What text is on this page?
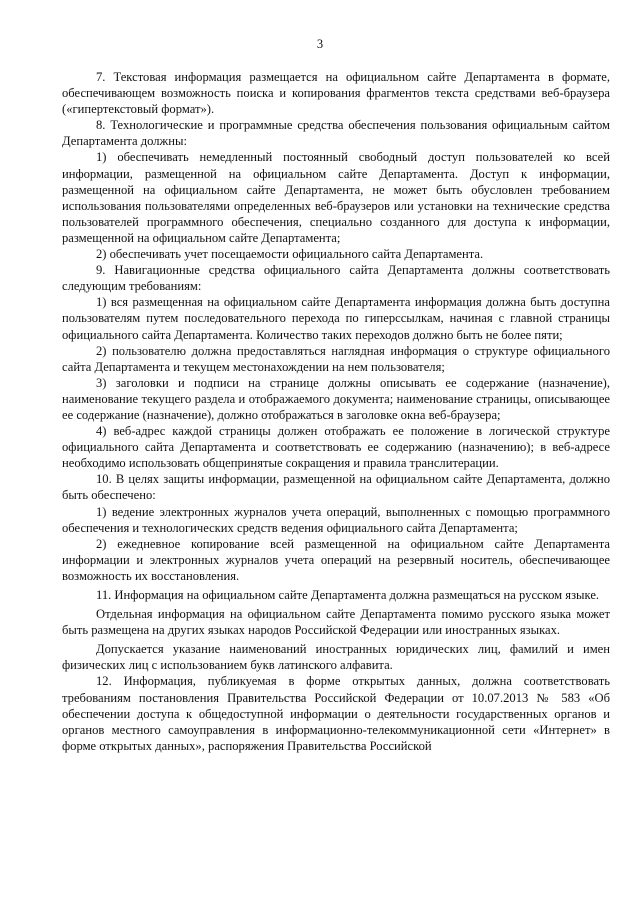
3

7. Текстовая информация размещается на официальном сайте Департамента в формате, обеспечивающем возможность поиска и копирования фрагментов текста средствами веб-браузера («гипертекстовый формат»).

8. Технологические и программные средства обеспечения пользования официальным сайтом Департамента должны:

1) обеспечивать немедленный постоянный свободный доступ пользователей ко всей информации, размещенной на официальном сайте Департамента. Доступ к информации, размещенной на официальном сайте Департамента, не может быть обусловлен требованием использования пользователями определенных веб-браузеров или установки на технические средства пользователей программного обеспечения, специально созданного для доступа к информации, размещенной на официальном сайте Департамента;

2) обеспечивать учет посещаемости официального сайта Департамента.

9. Навигационные средства официального сайта Департамента должны соответствовать следующим требованиям:

1) вся размещенная на официальном сайте Департамента информация должна быть доступна пользователям путем последовательного перехода по гиперссылкам, начиная с главной страницы официального сайта Департамента. Количество таких переходов должно быть не более пяти;

2) пользователю должна предоставляться наглядная информация о структуре официального сайта Департамента и текущем местонахождении на нем пользователя;

3) заголовки и подписи на странице должны описывать ее содержание (назначение), наименование текущего раздела и отображаемого документа; наименование страницы, описывающее ее содержание (назначение), должно отображаться в заголовке окна веб-браузера;

4) веб-адрес каждой страницы должен отображать ее положение в логической структуре официального сайта Департамента и соответствовать ее содержанию (назначению); в веб-адресе необходимо использовать общепринятые сокращения и правила транслитерации.

10. В целях защиты информации, размещенной на официальном сайте Департамента, должно быть обеспечено:

1) ведение электронных журналов учета операций, выполненных с помощью программного обеспечения и технологических средств ведения официального сайта Департамента;

2) ежедневное копирование всей размещенной на официальном сайте Департамента информации и электронных журналов учета операций на резервный носитель, обеспечивающее возможность их восстановления.

11. Информация на официальном сайте Департамента должна размещаться на русском языке.

Отдельная информация на официальном сайте Департамента помимо русского языка может быть размещена на других языках народов Российской Федерации или иностранных языках.

Допускается указание наименований иностранных юридических лиц, фамилий и имен физических лиц с использованием букв латинского алфавита.

12. Информация, публикуемая в форме открытых данных, должна соответствовать требованиям постановления Правительства Российской Федерации от 10.07.2013 № 583 «Об обеспечении доступа к общедоступной информации о деятельности государственных органов и органов местного самоуправления в информационно-телекоммуникационной сети «Интернет» в форме открытых данных», распоряжения Правительства Российской
